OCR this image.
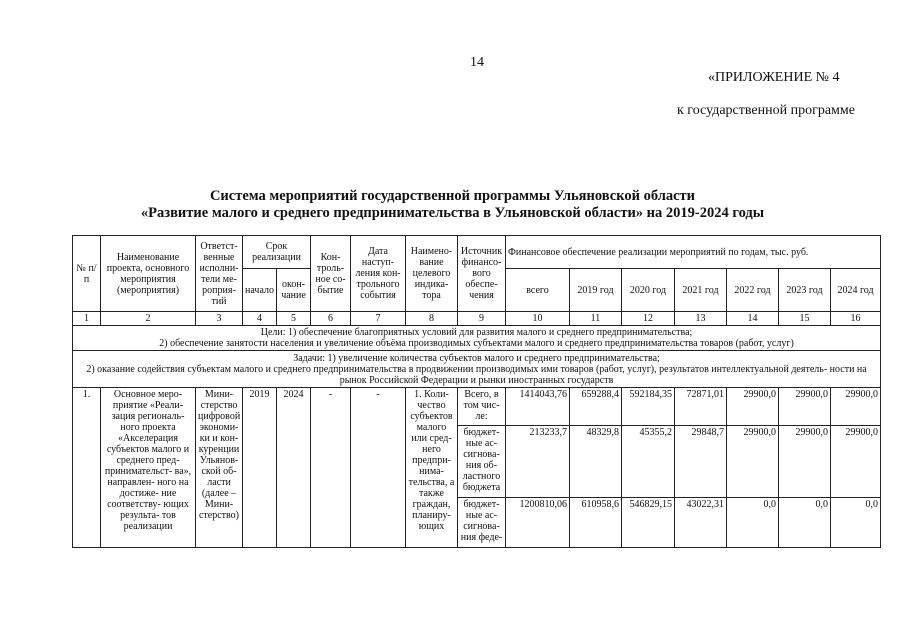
14
«ПРИЛОЖЕНИЕ № 4
к государственной программе
Система мероприятий государственной программы Ульяновской области
«Развитие малого и среднего предпринимательства в Ульяновской области» на 2019-2024 годы
№ п/п	Наименование проекта, основного мероприятия (мероприятия)	Ответст- венные исполни- тели ме- роприя- тий	Срок реализации		Кон- троль- ное со- бытие	Дата наступ- ления кон- трольного события	Наимено- вание целевого индика- тора	Источник финансо- вого обеспе- чения	Финансовое обеспечение реализации мероприятий по годам, тыс. руб.						
			начало	окон- чание					всего	2019 год	2020 год	2021 год	2022 год	2023 год	2024 год
1	2	3	4	5	6	7	8	9	10	11	12	13	14	15	16

Цели: 1) обеспечение благоприятных условий для развития малого и среднего предпринимательства;
2) обеспечение занятости населения и увеличение объёма производимых субъектами малого и среднего предпринимательства товаров (работ, услуг)															

Задачи: 1) увеличение количества субъектов малого и среднего предпринимательства;
2) оказание содействия субъектам малого и среднего предпринимательства в продвижении производимых ими товаров (работ, услуг), результатов интеллектуальной деятель- ности на рынок Российской Федерации и рынки иностранных государств															

1.	Основное меро- приятие «Реали- зация региональ- ного проекта «Акселерация субъектов малого и среднего пред- принимательст- ва», направлен- ного на достиже- ние соответству- ющих результа- тов реализации	Мини- стерство цифровой экономи- ки и кон- куренции Ульянов- ской об- ласти (далее – Мини- стерство)	2019	2024	-	-	1. Коли- чество субъектов малого или сред- него предпри- нима- тельства, а также граждан, планиру- ющих	Всего, в том чис- ле:	1414043,76	659288,4	592184,35	72871,01	29900,0	29900,0	29900,0
								бюджет- ные ас- сигнова- ния об- ластного бюджета	213233,7	48329,8	45355,2	29848,7	29900,0	29900,0	29900,0
								бюджет- ные ас- сигнова- ния феде-	1200810,06	610958,6	546829,15	43022,31	0,0	0,0	0,0
